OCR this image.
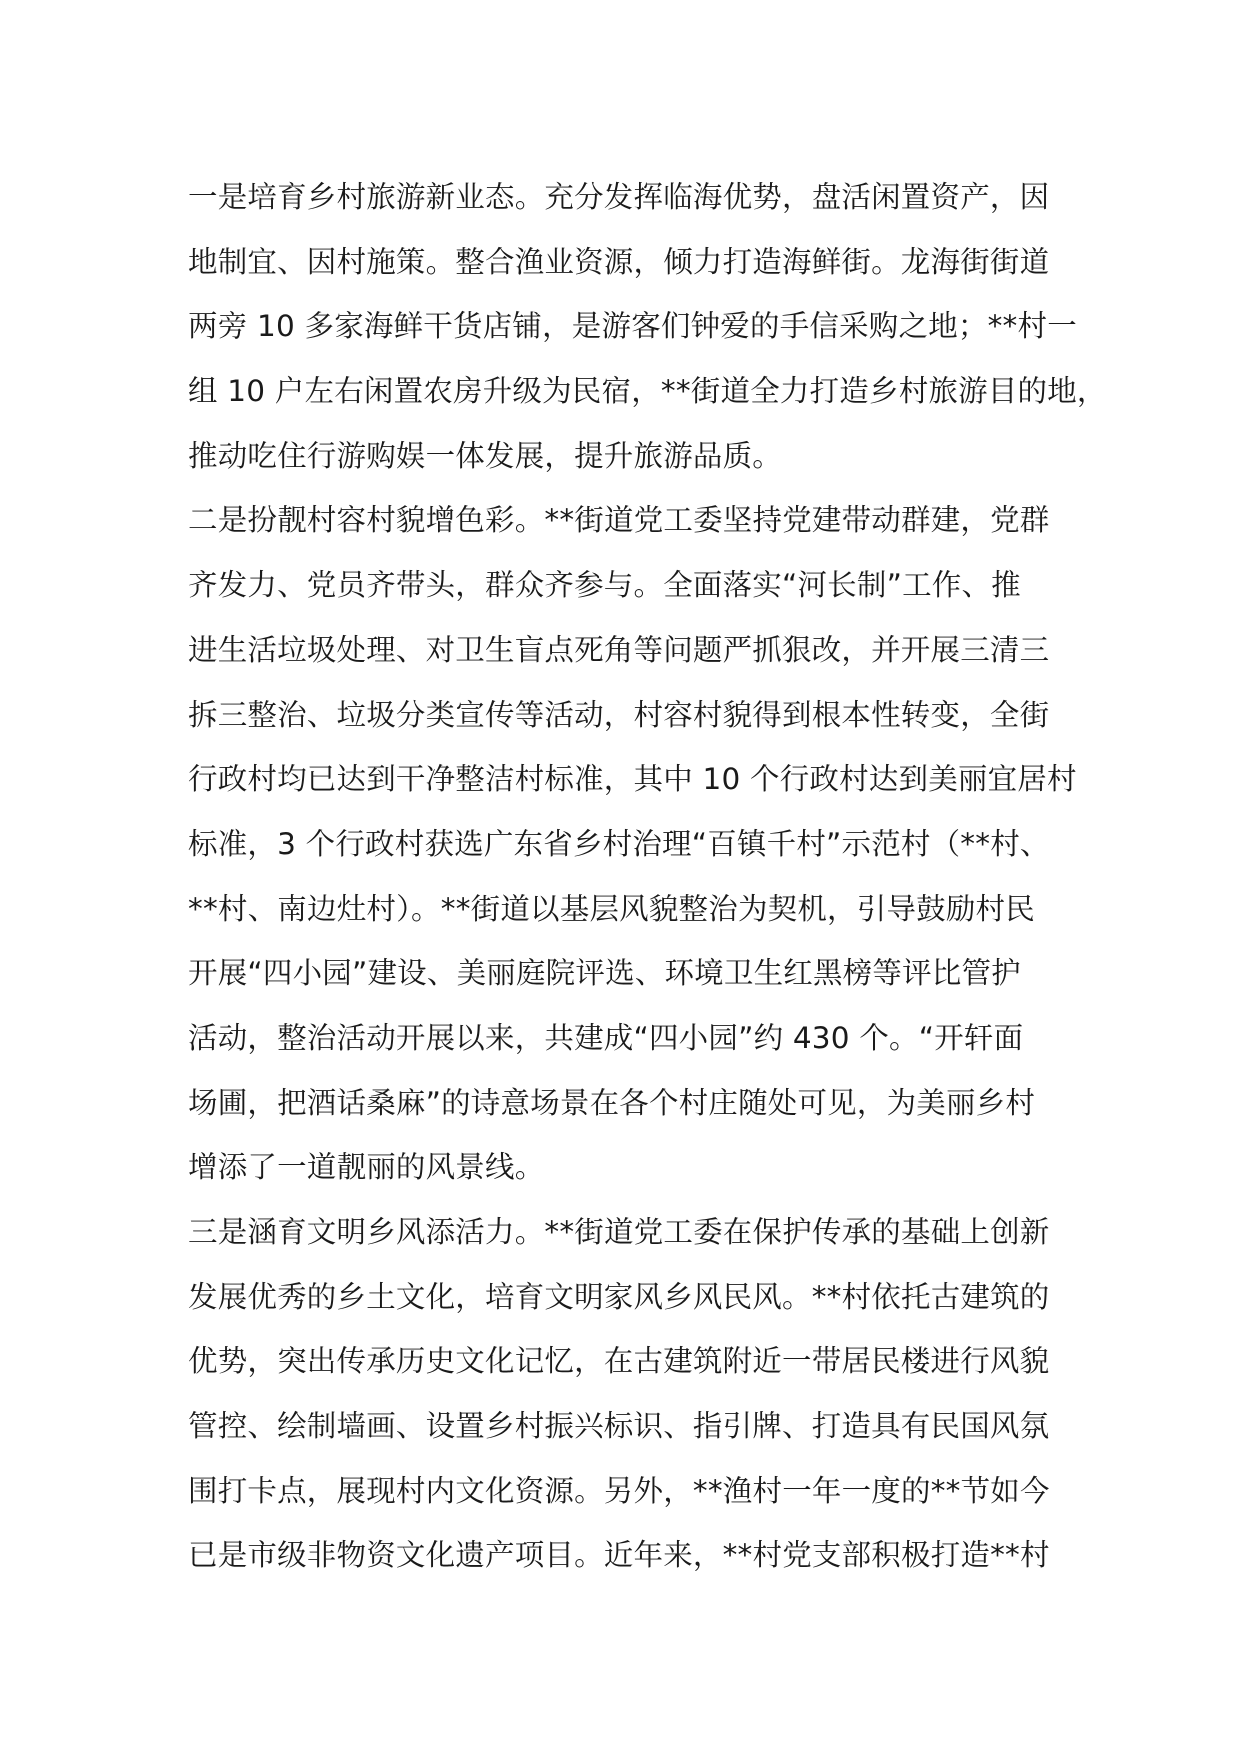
一是培育乡村旅游新业态。充分发挥临海优势，盘活闲置资产，因
地制宜、因村施策。整合渔业资源，倾力打造海鲜街。龙海街街道
两旁 10 多家海鲜干货店铺，是游客们钟爱的手信采购之地；**村一
组 10 户左右闲置农房升级为民宿，**街道全力打造乡村旅游目的地，
推动吃住行游购娱一体发展，提升旅游品质。
二是扮靓村容村貌增色彩。**街道党工委坚持党建带动群建，党群
齐发力、党员齐带头，群众齐参与。全面落实“河长制”工作、推
进生活垃圾处理、对卫生盲点死角等问题严抓狠改，并开展三清三
拆三整治、垃圾分类宣传等活动，村容村貌得到根本性转变，全街
行政村均已达到干净整洁村标准，其中 10 个行政村达到美丽宜居村
标准，3 个行政村获选广东省乡村治理“百镇千村”示范村（**村、
**村、南边灶村）。**街道以基层风貌整治为契机，引导鼓励村民
开展“四小园”建设、美丽庭院评选、环境卫生红黑榜等评比管护
活动，整治活动开展以来，共建成“四小园”约 430 个。“开轩面
场圃，把酒话桑麻”的诗意场景在各个村庄随处可见，为美丽乡村
增添了一道靓丽的风景线。
三是涵育文明乡风添活力。**街道党工委在保护传承的基础上创新
发展优秀的乡土文化，培育文明家风乡风民风。**村依托古建筑的
优势，突出传承历史文化记忆，在古建筑附近一带居民楼进行风貌
管控、绘制墙画、设置乡村振兴标识、指引牌、打造具有民国风氛
围打卡点，展现村内文化资源。另外，**渔村一年一度的**节如今
已是市级非物资文化遗产项目。近年来，**村党支部积极打造**村
